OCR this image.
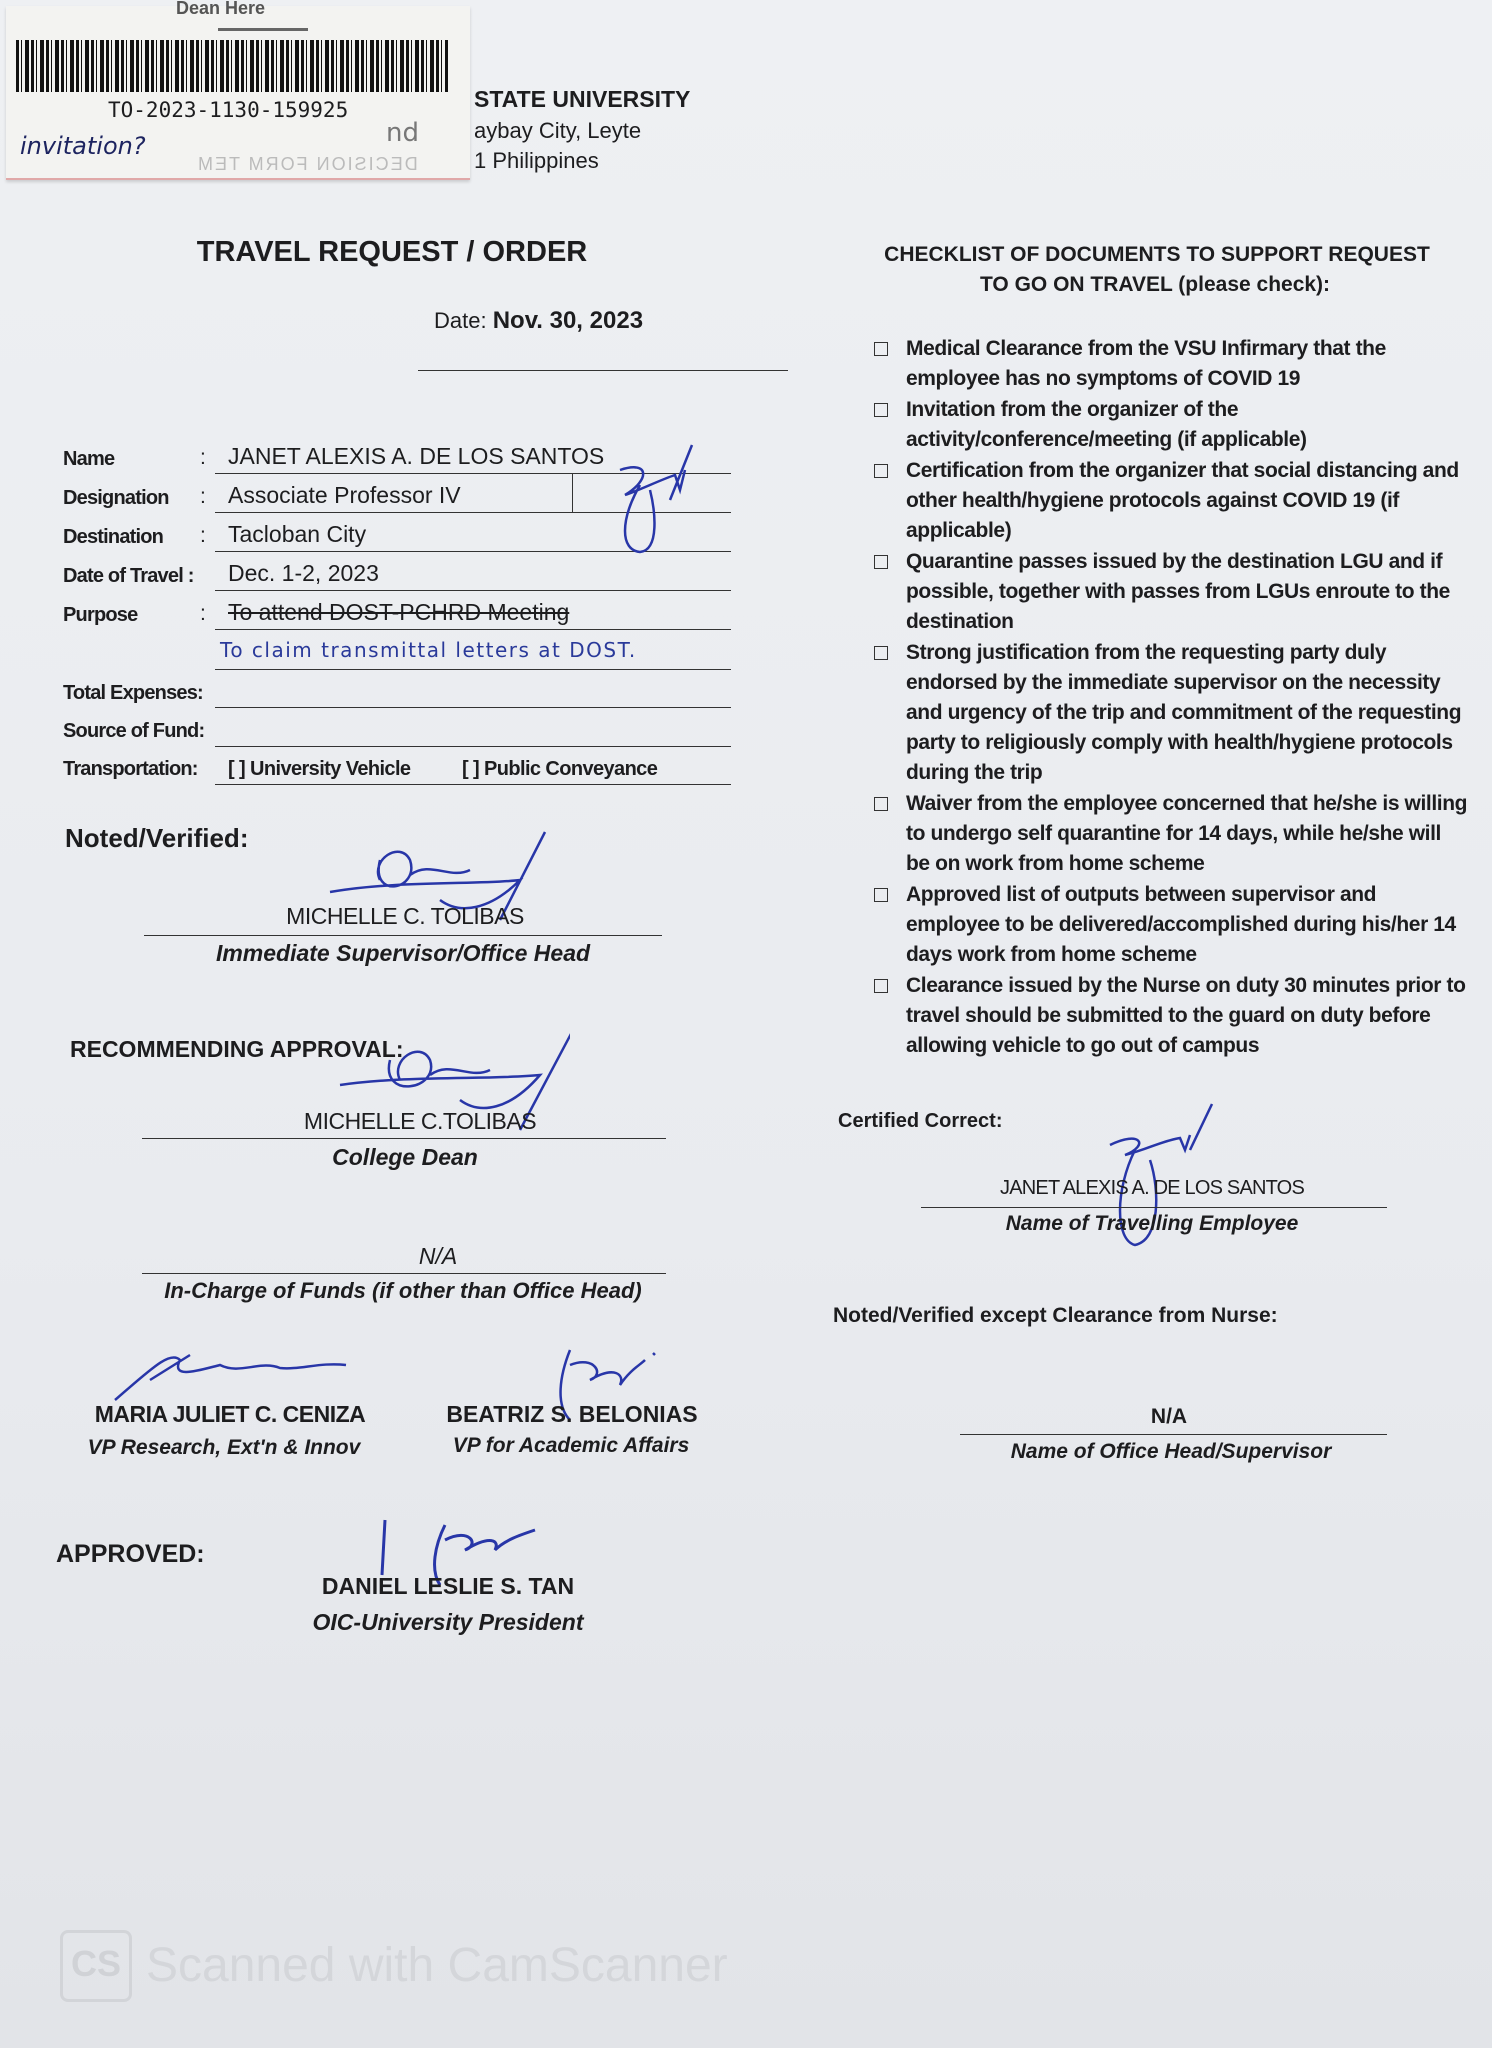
Dean Here
TO-2023-1130-159925
invitation?	nd
DECISION FORM TEM
STATE UNIVERSITY
aybay City, Leyte
1 Philippines
TRAVEL REQUEST / ORDER
Date: Nov. 30, 2023
Name	: JANET ALEXIS A. DE LOS SANTOS
Designation : Associate Professor IV
Destination : Tacloban City
Date of Travel : Dec. 1-2, 2023
Purpose	: To attend DOST-PCHRD Meeting
To claim transmittal letters at DOST.
Total Expenses:
Source of Fund:
Transportation: [ ] University Vehicle	[ ] Public Conveyance
Noted/Verified:
MICHELLE C. TOLIBAS
Immediate Supervisor/Office Head
RECOMMENDING APPROVAL:
MICHELLE C.TOLIBAS
College Dean
N/A
In-Charge of Funds (if other than Office Head)
MARIA JULIET C. CENIZA
VP Research, Ext'n & Innov
BEATRIZ S. BELONIAS
VP for Academic Affairs
APPROVED:
DANIEL LESLIE S. TAN
OIC-University President
CHECKLIST OF DOCUMENTS TO SUPPORT REQUEST
TO GO ON TRAVEL (please check):
Medical Clearance from the VSU Infirmary that the employee has no symptoms of COVID 19
Invitation from the organizer of the activity/conference/meeting (if applicable)
Certification from the organizer that social distancing and other health/hygiene protocols against COVID 19 (if applicable)
Quarantine passes issued by the destination LGU and if possible, together with passes from LGUs enroute to the destination
Strong justification from the requesting party duly endorsed by the immediate supervisor on the necessity and urgency of the trip and commitment of the requesting party to religiously comply with health/hygiene protocols during the trip
Waiver from the employee concerned that he/she is willing to undergo self quarantine for 14 days, while he/she will be on work from home scheme
Approved list of outputs between supervisor and employee to be delivered/accomplished during his/her 14 days work from home scheme
Clearance issued by the Nurse on duty 30 minutes prior to travel should be submitted to the guard on duty before allowing vehicle to go out of campus
Certified Correct:
JANET ALEXIS A. DE LOS SANTOS
Name of Travelling Employee
Noted/Verified except Clearance from Nurse:
N/A
Name of Office Head/Supervisor
CS Scanned with CamScanner
